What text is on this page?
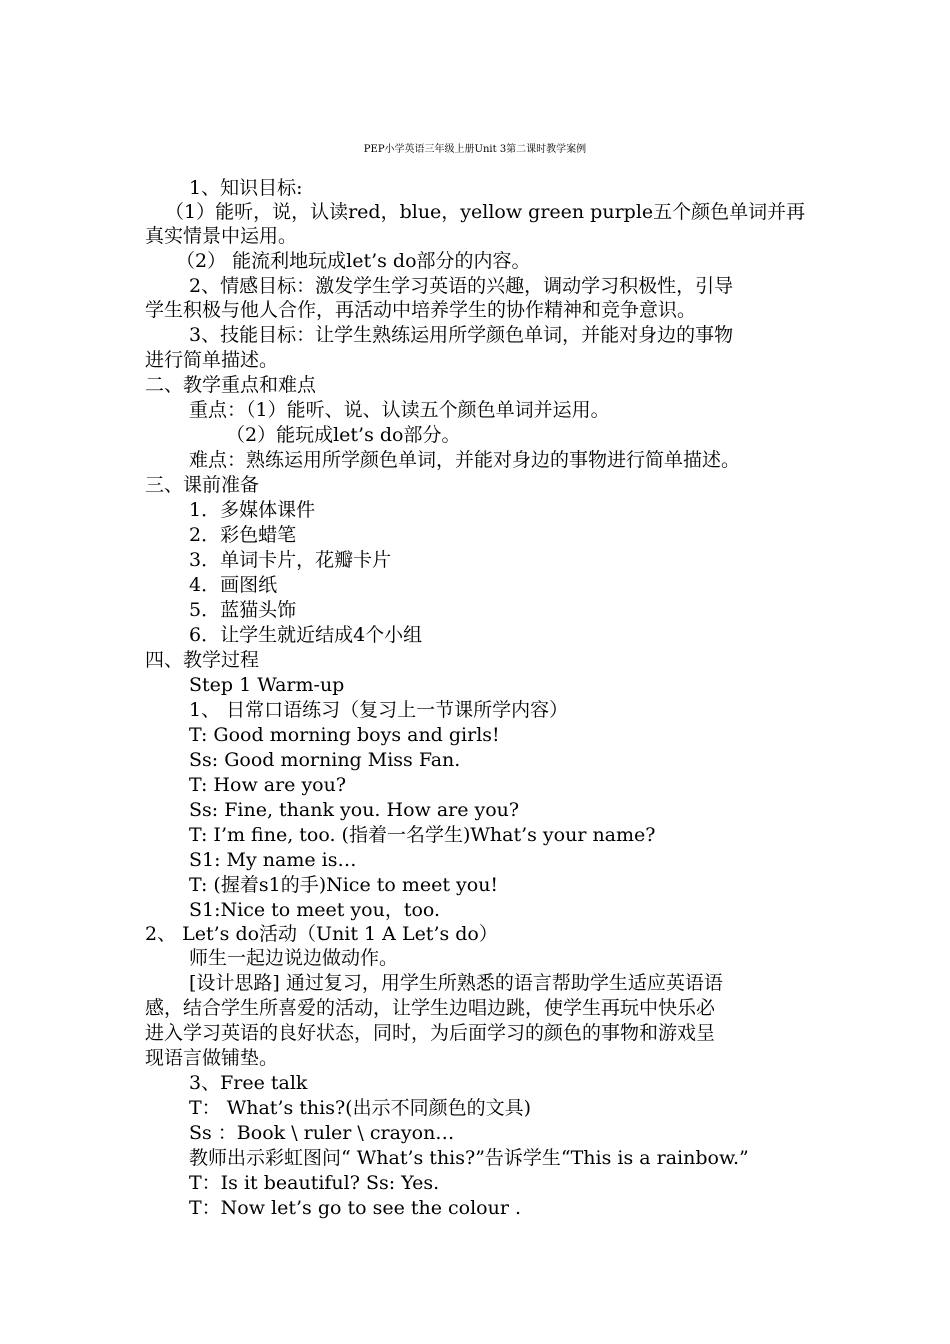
PEP小学英语三年级上册Unit 3第二课时教学案例
1、知识目标:
（1）能听，说，认读red，blue，yellow green purple五个颜色单词并再
真实情景中运用。
（2） 能流利地玩成let’s do部分的内容。
2、情感目标：激发学生学习英语的兴趣，调动学习积极性，引导
学生积极与他人合作，再活动中培养学生的协作精神和竞争意识。
3、技能目标：让学生熟练运用所学颜色单词，并能对身边的事物
进行简单描述。
二、教学重点和难点
重点：（1）能听、说、认读五个颜色单词并运用。
（2）能玩成let’s do部分。
难点：熟练运用所学颜色单词，并能对身边的事物进行简单描述。
三、课前准备
1．多媒体课件
2．彩色蜡笔
3．单词卡片，花瓣卡片
4．画图纸
5．蓝猫头饰
6．让学生就近结成4个小组
四、教学过程
Step 1 Warm-up
1、 日常口语练习（复习上一节课所学内容）
T: Good morning boys and girls!
Ss: Good morning Miss Fan.
T: How are you?
Ss: Fine, thank you. How are you?
T: I’m fine, too. (指着一名学生)What’s your name?
S1: My name is…
T: (握着s1的手)Nice to meet you!
S1:Nice to meet you，too.
2、 Let’s do活动（Unit 1 A Let’s do）
师生一起边说边做动作。
[设计思路] 通过复习，用学生所熟悉的语言帮助学生适应英语语
感，结合学生所喜爱的活动，让学生边唱边跳，使学生再玩中快乐必
进入学习英语的良好状态，同时，为后面学习的颜色的事物和游戏呈
现语言做铺垫。
3、Free talk
T： What’s this?(出示不同颜色的文具)
Ss ：Book \ ruler \ crayon…
教师出示彩虹图问“ What’s this?”告诉学生“This is a rainbow.”
T：Is it beautiful? Ss: Yes.
T：Now let’s go to see the colour .
